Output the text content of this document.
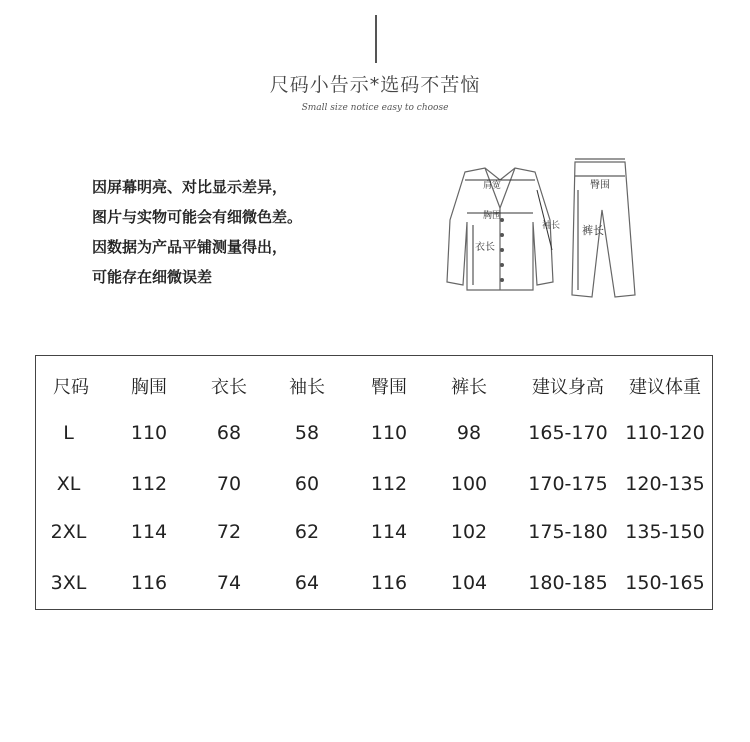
尺码小告示*选码不苦恼
Small size notice easy to choose
因屏幕明亮、对比显示差异，
图片与实物可能会有细微色差。
因数据为产品平铺测量得出，
可能存在细微误差
肩宽
胸围
衣长
袖长
臀围
裤长
尺码	胸围	衣长	袖长	臀围	裤长	建议身高	建议体重
L	110	68	58	110	98	165-170 110-120
XL	112	70	60	112	100	170-175 120-135
2XL	114	72	62	114	102	175-180 135-150
3XL	116	74	64	116	104	180-185 150-165
